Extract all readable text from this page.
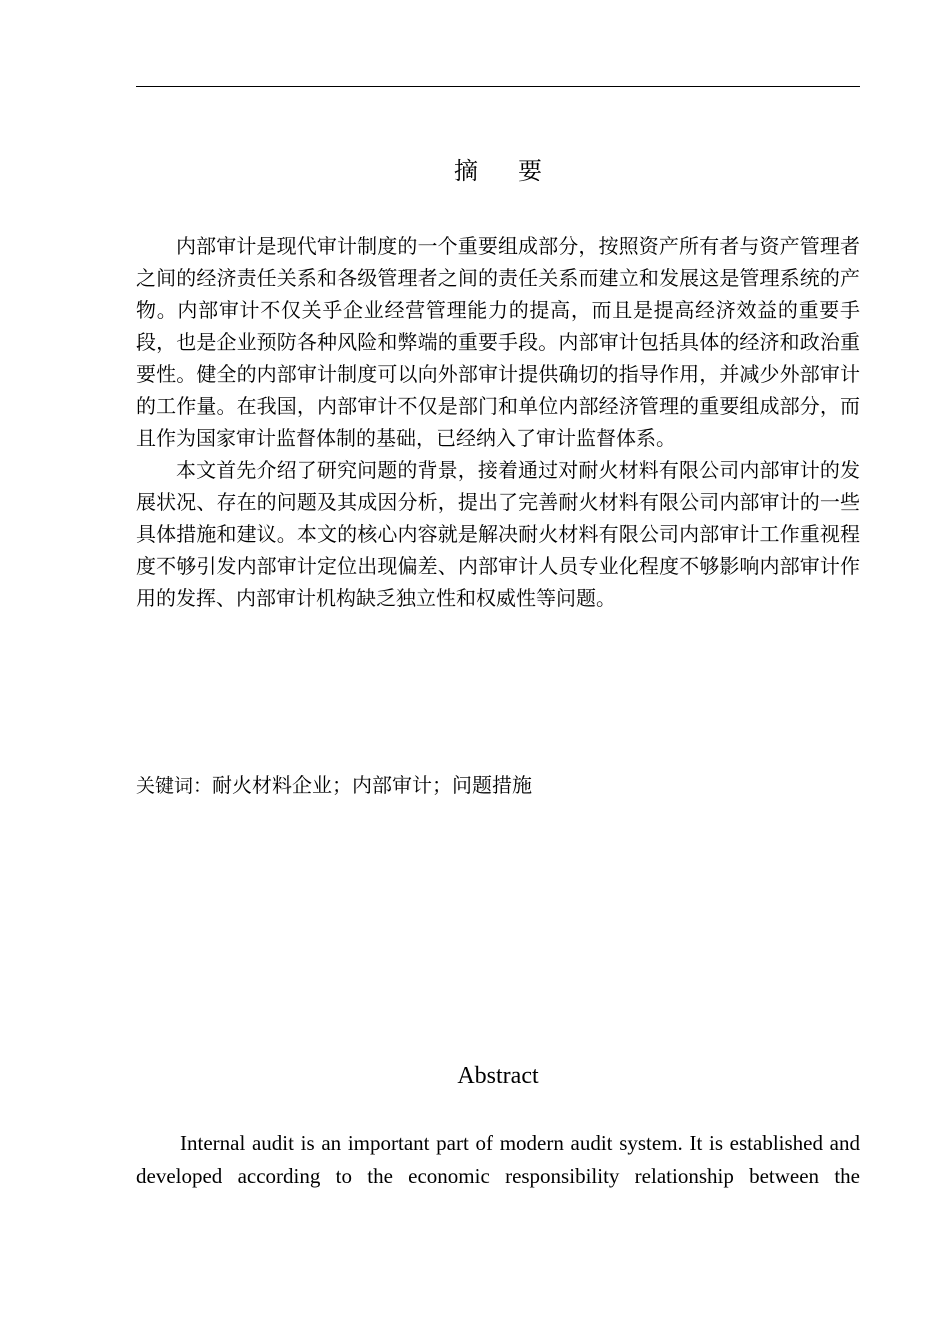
摘要

内部审计是现代审计制度的一个重要组成部分，按照资产所有者与资产管理者之间的经济责任关系和各级管理者之间的责任关系而建立和发展这是管理系统的产物。内部审计不仅关乎企业经营管理能力的提高，而且是提高经济效益的重要手段，也是企业预防各种风险和弊端的重要手段。内部审计包括具体的经济和政治重要性。健全的内部审计制度可以向外部审计提供确切的指导作用，并减少外部审计的工作量。在我国，内部审计不仅是部门和单位内部经济管理的重要组成部分，而且作为国家审计监督体制的基础，已经纳入了审计监督体系。

本文首先介绍了研究问题的背景，接着通过对耐火材料有限公司内部审计的发展状况、存在的问题及其成因分析，提出了完善耐火材料有限公司内部审计的一些具体措施和建议。本文的核心内容就是解决耐火材料有限公司内部审计工作重视程度不够引发内部审计定位出现偏差、内部审计人员专业化程度不够影响内部审计作用的发挥、内部审计机构缺乏独立性和权威性等问题。

关键词：耐火材料企业；内部审计；问题措施
Abstract

Internal audit is an important part of modern audit system. It is established and developed according to the economic responsibility relationship between the
